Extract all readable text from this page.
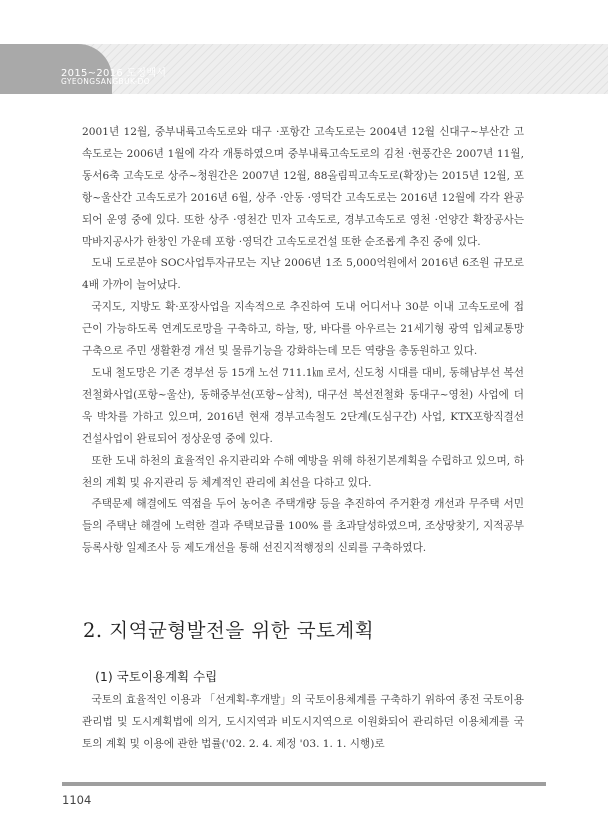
2015~2016 도정백서
GYEONGSANGBUK-DO

2001년 12월, 중부내륙고속도로와 대구 ·포항간 고속도로는 2004년 12월 신대구~부산간 고속도로는 2006년 1월에 각각 개통하였으며 중부내륙고속도로의 김천 ·현풍간은 2007년 11월, 동서6축 고속도로 상주~청원간은 2007년 12월, 88올림픽고속도로(확장)는 2015년 12월, 포항~울산간 고속도로가 2016년 6월, 상주 ·안동 ·영덕간 고속도로는 2016년 12월에 각각 완공되어 운영 중에 있다. 또한 상주 ·영천간 민자 고속도로, 경부고속도로 영천 ·언양간 확장공사는 막바지공사가 한창인 가운데 포항 ·영덕간 고속도로건설 또한 순조롭게 추진 중에 있다.

도내 도로분야 SOC사업투자규모는 지난 2006년 1조 5,000억원에서 2016년 6조원 규모로 4배 가까이 늘어났다.

국지도, 지방도 확·포장사업을 지속적으로 추진하여 도내 어디서나 30분 이내 고속도로에 접근이 가능하도록 연계도로망을 구축하고, 하늘, 땅, 바다를 아우르는 21세기형 광역 입체교통망 구축으로 주민 생활환경 개선 및 물류기능을 강화하는데 모든 역량을 총동원하고 있다.

도내 철도망은 기존 경부선 등 15개 노선 711.1㎞ 로서, 신도청 시대를 대비, 동해남부선 복선전철화사업(포항~울산), 동해중부선(포항~삼척), 대구선 복선전철화 동대구~영천) 사업에 더욱 박차를 가하고 있으며, 2016년 현재 경부고속철도 2단계(도심구간) 사업, KTX포항직결선 건설사업이 완료되어 정상운영 중에 있다.

또한 도내 하천의 효율적인 유지관리와 수해 예방을 위해 하천기본계획을 수립하고 있으며, 하천의 계획 및 유지관리 등 체계적인 관리에 최선을 다하고 있다.

주택문제 해결에도 역점을 두어 농어촌 주택개량 등을 추진하여 주거환경 개선과 무주택 서민들의 주택난 해결에 노력한 결과 주택보급률 100% 를 초과달성하였으며, 조상땅찾기, 지적공부 등록사항 일제조사 등 제도개선을 통해 선진지적행정의 신뢰를 구축하였다.

2. 지역균형발전을 위한 국토계획
(1) 국토이용계획 수립

국토의 효율적인 이용과 「선계획-후개발」의 국토이용체계를 구축하기 위하여 종전 국토이용관리법 및 도시계획법에 의거, 도시지역과 비도시지역으로 이원화되어 관리하던 이용체계를 국토의 계획 및 이용에 관한 법률('02. 2. 4. 제정 '03. 1. 1. 시행)로

1104
